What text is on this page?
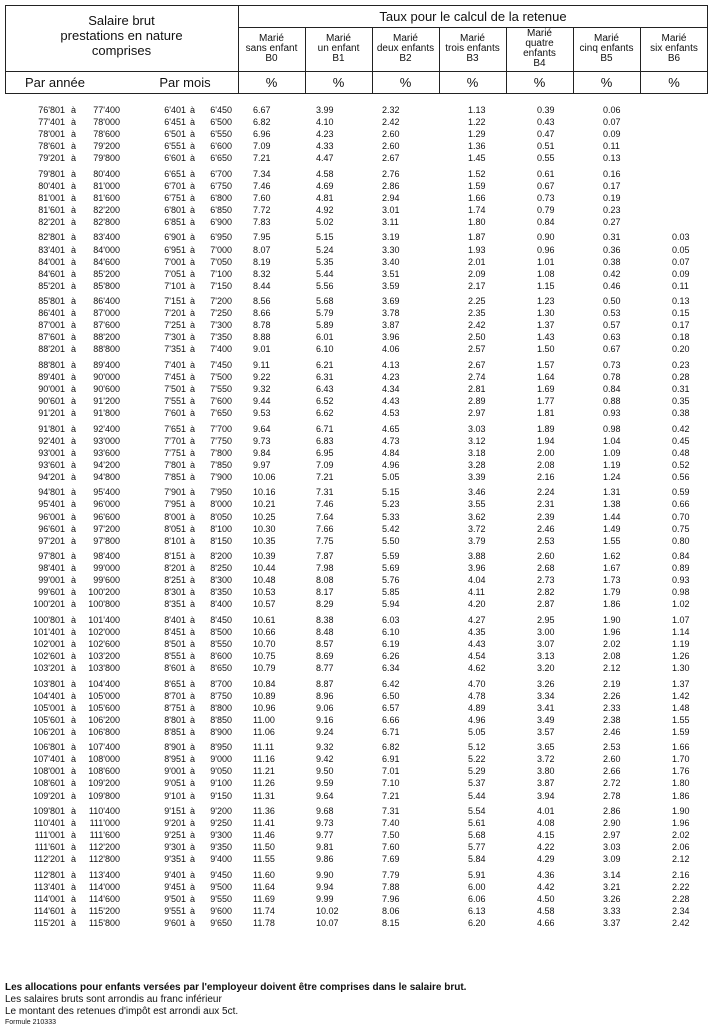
Salaire brut
prestations en nature
comprises
Taux pour le calcul de la retenue
Marié
sans enfant
B0
Marié
un enfant
B1
Marié
deux enfants
B2
Marié
trois enfants
B3
Marié
quatre
enfants
B4
Marié
cinq enfants
B5
Marié
six enfants
B6
Par année	Par mois	%	%	%	%	%	%	%
76'801 à	77'400	6'401 à	6'450 6.67	3.99	2.32	1.13	0.39	0.06
77'401 à	78'000	6'451 à	6'500 6.82	4.10	2.42	1.22	0.43	0.07
78'001 à	78'600	6'501 à	6'550 6.96	4.23	2.60	1.29	0.47	0.09
78'601 à	79'200	6'551 à	6'600 7.09	4.33	2.60	1.36	0.51	0.11
79'201 à	79'800	6'601 à	6'650 7.21	4.47	2.67	1.45	0.55	0.13
79'801 à	80'400	6'651 à	6'700 7.34	4.58	2.76	1.52	0.61	0.16
80'401 à	81'000	6'701 à	6'750 7.46	4.69	2.86	1.59	0.67	0.17
81'001 à	81'600	6'751 à	6'800 7.60	4.81	2.94	1.66	0.73	0.19
81'601 à	82'200	6'801 à	6'850 7.72	4.92	3.01	1.74	0.79	0.23
82'201 à	82'800	6'851 à	6'900 7.83	5.02	3.11	1.80	0.84	0.27
82'801 à	83'400	6'901 à	6'950 7.95	5.15	3.19	1.87	0.90	0.31	0.03
83'401 à	84'000	6'951 à	7'000 8.07	5.24	3.30	1.93	0.96	0.36	0.05
84'001 à	84'600	7'001 à	7'050 8.19	5.35	3.40	2.01	1.01	0.38	0.07
84'601 à	85'200	7'051 à	7'100 8.32	5.44	3.51	2.09	1.08	0.42	0.09
85'201 à	85'800	7'101 à	7'150 8.44	5.56	3.59	2.17	1.15	0.46	0.11
85'801 à	86'400	7'151 à	7'200 8.56	5.68	3.69	2.25	1.23	0.50	0.13
86'401 à	87'000	7'201 à	7'250 8.66	5.79	3.78	2.35	1.30	0.53	0.15
87'001 à	87'600	7'251 à	7'300 8.78	5.89	3.87	2.42	1.37	0.57	0.17
87'601 à	88'200	7'301 à	7'350 8.88	6.01	3.96	2.50	1.43	0.63	0.18
88'201 à	88'800	7'351 à	7'400 9.01	6.10	4.06	2.57	1.50	0.67	0.20
88'801 à	89'400	7'401 à	7'450 9.11	6.21	4.13	2.67	1.57	0.73	0.23
89'401 à	90'000	7'451 à	7'500 9.22	6.31	4.23	2.74	1.64	0.78	0.28
90'001 à	90'600	7'501 à	7'550 9.32	6.43	4.34	2.81	1.69	0.84	0.31
90'601 à	91'200	7'551 à	7'600 9.44	6.52	4.43	2.89	1.77	0.88	0.35
91'201 à	91'800	7'601 à	7'650 9.53	6.62	4.53	2.97	1.81	0.93	0.38
91'801 à	92'400	7'651 à	7'700 9.64	6.71	4.65	3.03	1.89	0.98	0.42
92'401 à	93'000	7'701 à	7'750 9.73	6.83	4.73	3.12	1.94	1.04	0.45
93'001 à	93'600	7'751 à	7'800 9.84	6.95	4.84	3.18	2.00	1.09	0.48
93'601 à	94'200	7'801 à	7'850 9.97	7.09	4.96	3.28	2.08	1.19	0.52
94'201 à	94'800	7'851 à	7'900 10.06	7.21	5.05	3.39	2.16	1.24	0.56
94'801 à	95'400	7'901 à	7'950 10.16	7.31	5.15	3.46	2.24	1.31	0.59
95'401 à	96'000	7'951 à	8'000 10.21	7.46	5.23	3.55	2.31	1.38	0.66
96'001 à	96'600	8'001 à	8'050 10.25	7.64	5.33	3.62	2.39	1.44	0.70
96'601 à	97'200	8'051 à	8'100 10.30	7.66	5.42	3.72	2.46	1.49	0.75
97'201 à	97'800	8'101 à	8'150 10.35	7.75	5.50	3.79	2.53	1.55	0.80
97'801 à	98'400	8'151 à	8'200 10.39	7.87	5.59	3.88	2.60	1.62	0.84
98'401 à	99'000	8'201 à	8'250 10.44	7.98	5.69	3.96	2.68	1.67	0.89
99'001 à	99'600	8'251 à	8'300 10.48	8.08	5.76	4.04	2.73	1.73	0.93
99'601 à	100'200	8'301 à	8'350 10.53	8.17	5.85	4.11	2.82	1.79	0.98
100'201 à	100'800	8'351 à	8'400 10.57	8.29	5.94	4.20	2.87	1.86	1.02
100'801 à	101'400	8'401 à	8'450 10.61	8.38	6.03	4.27	2.95	1.90	1.07
101'401 à	102'000	8'451 à	8'500 10.66	8.48	6.10	4.35	3.00	1.96	1.14
102'001 à	102'600	8'501 à	8'550 10.70	8.57	6.19	4.43	3.07	2.02	1.19
102'601 à	103'200	8'551 à	8'600 10.75	8.69	6.26	4.54	3.13	2.08	1.26
103'201 à	103'800	8'601 à	8'650 10.79	8.77	6.34	4.62	3.20	2.12	1.30
103'801 à	104'400	8'651 à	8'700 10.84	8.87	6.42	4.70	3.26	2.19	1.37
104'401 à	105'000	8'701 à	8'750 10.89	8.96	6.50	4.78	3.34	2.26	1.42
105'001 à	105'600	8'751 à	8'800 10.96	9.06	6.57	4.89	3.41	2.33	1.48
105'601 à	106'200	8'801 à	8'850 11.00	9.16	6.66	4.96	3.49	2.38	1.55
106'201 à	106'800	8'851 à	8'900 11.06	9.24	6.71	5.05	3.57	2.46	1.59
106'801 à	107'400	8'901 à	8'950 11.11	9.32	6.82	5.12	3.65	2.53	1.66
107'401 à	108'000	8'951 à	9'000 11.16	9.42	6.91	5.22	3.72	2.60	1.70
108'001 à	108'600	9'001 à	9'050 11.21	9.50	7.01	5.29	3.80	2.66	1.76
108'601 à	109'200	9'051 à	9'100 11.26	9.59	7.10	5.37	3.87	2.72	1.80
109'201 à	109'800	9'101 à	9'150 11.31	9.64	7.21	5.44	3.94	2.78	1.86
109'801 à	110'400	9'151 à	9'200 11.36	9.68	7.31	5.54	4.01	2.86	1.90
110'401 à	111'000	9'201 à	9'250 11.41	9.73	7.40	5.61	4.08	2.90	1.96
111'001 à	111'600	9'251 à	9'300 11.46	9.77	7.50	5.68	4.15	2.97	2.02
111'601 à	112'200	9'301 à	9'350 11.50	9.81	7.60	5.77	4.22	3.03	2.06
112'201 à	112'800	9'351 à	9'400 11.55	9.86	7.69	5.84	4.29	3.09	2.12
112'801 à	113'400	9'401 à	9'450 11.60	9.90	7.79	5.91	4.36	3.14	2.16
113'401 à	114'000	9'451 à	9'500 11.64	9.94	7.88	6.00	4.42	3.21	2.22
114'001 à	114'600	9'501 à	9'550 11.69	9.99	7.96	6.06	4.50	3.26	2.28
114'601 à	115'200	9'551 à	9'600 11.74	10.02	8.06	6.13	4.58	3.33	2.34
115'201 à	115'800	9'601 à	9'650 11.78	10.07	8.15	6.20	4.66	3.37	2.42
Les allocations pour enfants versées par l'employeur doivent être comprises dans le salaire brut.
Les salaires bruts sont arrondis au franc inférieur
Le montant des retenues d'impôt est arrondi aux 5ct.
Formule 210333
